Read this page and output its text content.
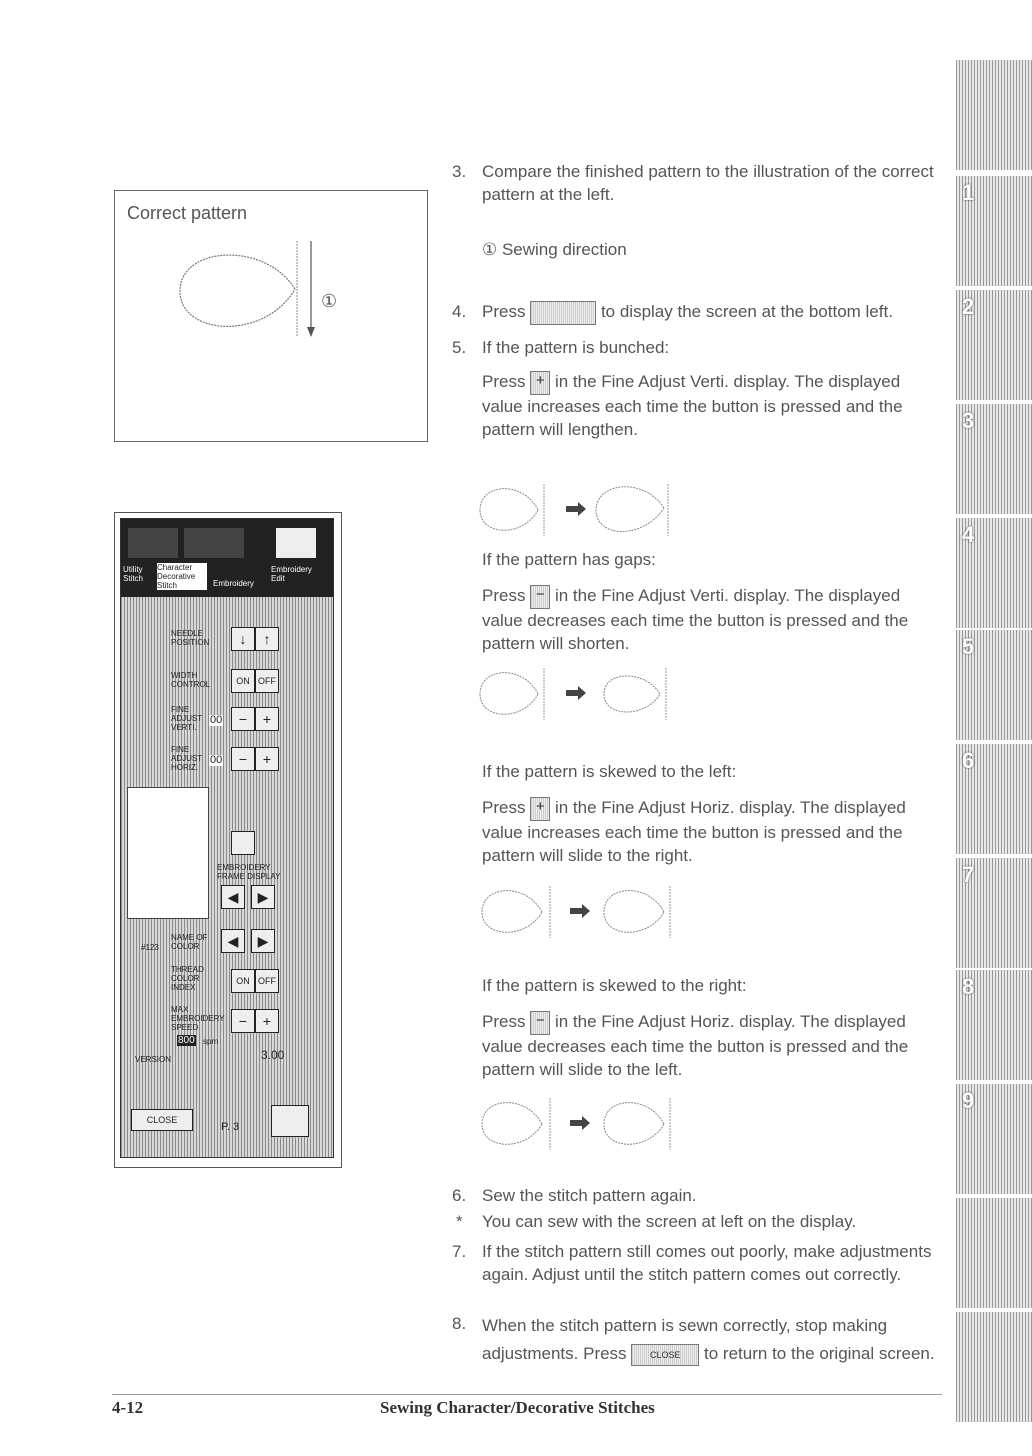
Correct pattern
①
Utility Stitch
Character Decorative Stitch	Embroidery
Embroidery Edit
NEEDLE POSITION	↓	↑
WIDTH CONTROL	ON OFF
FINE ADJUST VERTI.
00	−	+
FINE ADJUST HORIZ.
00	−	+
EMBROIDERY FRAME DISPLAY
◀	▶
NAME OF COLOR
#123	◀	▶
THREAD COLOR INDEX
ON OFF
MAX EMBROIDERY SPEED
800 spm
−	+
VERSION	3.00
CLOSE
P. 3
3. Compare the finished pattern to the illustration of the correct pattern at the left.
① Sewing direction
4. Press	to display the screen at the bottom left.
5. If the pattern is bunched:
Press + in the Fine Adjust Verti. display. The displayed value increases each time the button is pressed and the pattern will lengthen.
If the pattern has gaps:
Press − in the Fine Adjust Verti. display. The displayed value decreases each time the button is pressed and the pattern will shorten.
If the pattern is skewed to the left:
Press + in the Fine Adjust Horiz. display. The displayed value increases each time the button is pressed and the pattern will slide to the right.
If the pattern is skewed to the right:
Press − in the Fine Adjust Horiz. display. The displayed value decreases each time the button is pressed and the pattern will slide to the left.
6. Sew the stitch pattern again.
* You can sew with the screen at left on the display.
7. If the stitch pattern still comes out poorly, make adjustments again. Adjust until the stitch pattern comes out correctly.
8. When the stitch pattern is sewn correctly, stop making adjustments. Press	CLOSE to return to the original screen.
4-12	Sewing Character/Decorative Stitches
1
2
3
4
5
6
7
8
9
